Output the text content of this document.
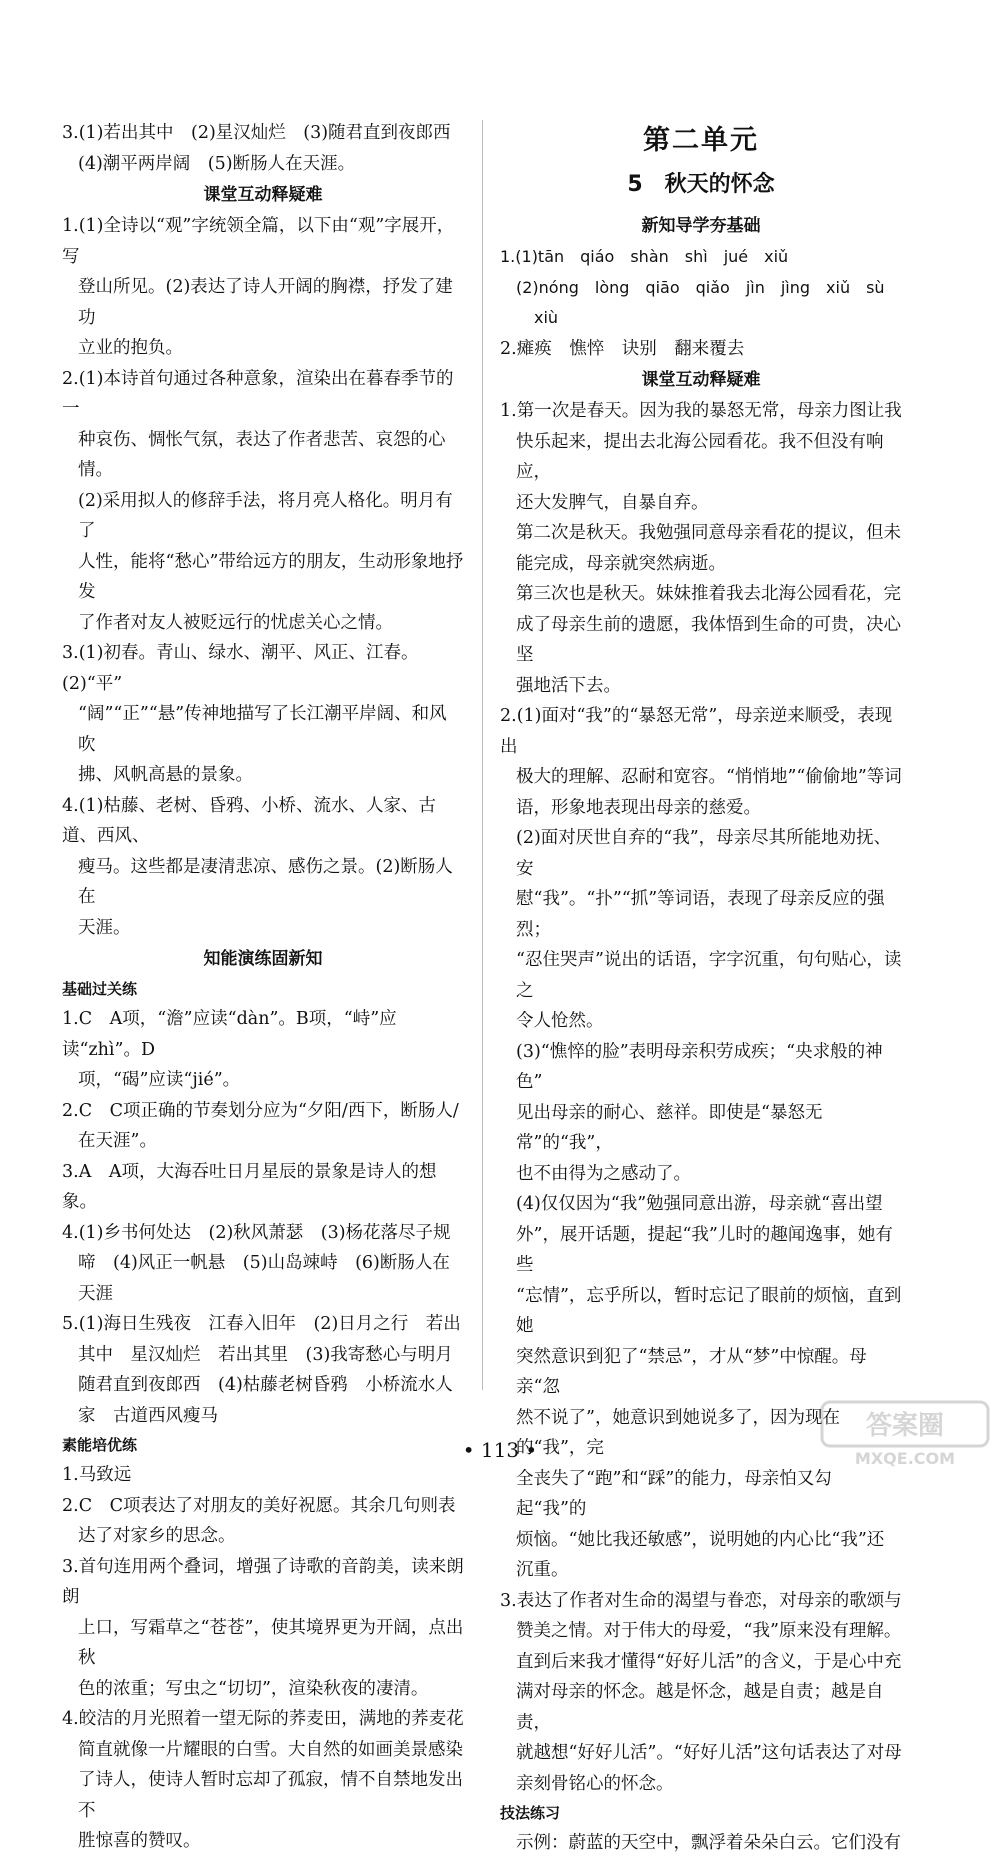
3.(1)若出其中　(2)星汉灿烂　(3)随君直到夜郎西

(4)潮平两岸阔　(5)断肠人在天涯。

课堂互动释疑难

1.(1)全诗以“观”字统领全篇，以下由“观”字展开，写

登山所见。(2)表达了诗人开阔的胸襟，抒发了建功

立业的抱负。

2.(1)本诗首句通过各种意象，渲染出在暮春季节的一

种哀伤、惆怅气氛，表达了作者悲苦、哀怨的心情。

(2)采用拟人的修辞手法，将月亮人格化。明月有了

人性，能将“愁心”带给远方的朋友，生动形象地抒发

了作者对友人被贬远行的忧虑关心之情。

3.(1)初春。青山、绿水、潮平、风正、江春。(2)“平”

“阔”“正”“悬”传神地描写了长江潮平岸阔、和风吹

拂、风帆高悬的景象。

4.(1)枯藤、老树、昏鸦、小桥、流水、人家、古道、西风、

瘦马。这些都是凄清悲凉、感伤之景。(2)断肠人在

天涯。

知能演练固新知

基础过关练

1.C　A项，“澹”应读“dàn”。B项，“峙”应读“zhì”。D

项，“碣”应读“jié”。

2.C　C项正确的节奏划分应为“夕阳/西下，断肠人/

在天涯”。

3.A　A项，大海吞吐日月星辰的景象是诗人的想象。

4.(1)乡书何处达　(2)秋风萧瑟　(3)杨花落尽子规

啼　(4)风正一帆悬　(5)山岛竦峙　(6)断肠人在

天涯

5.(1)海日生残夜　江春入旧年　(2)日月之行　若出

其中　星汉灿烂　若出其里　(3)我寄愁心与明月

随君直到夜郎西　(4)枯藤老树昏鸦　小桥流水人

家　古道西风瘦马

素能培优练

1.马致远

2.C　C项表达了对朋友的美好祝愿。其余几句则表

达了对家乡的思念。

3.首句连用两个叠词，增强了诗歌的音韵美，读来朗朗

上口，写霜草之“苍苍”，使其境界更为开阔，点出秋

色的浓重；写虫之“切切”，渲染秋夜的凄清。

4.皎洁的月光照着一望无际的荞麦田，满地的荞麦花

简直就像一片耀眼的白雪。大自然的如画美景感染

了诗人，使诗人暂时忘却了孤寂，情不自禁地发出不

胜惊喜的赞叹。

第二单元

5　秋天的怀念

新知导学夯基础

1.(1)tān　qiáo　shàn　shì　jué　xiǔ

(2)nóng　lòng　qiāo　qiǎo　jìn　jìng　xiǔ　sù

xiù

2.瘫痪　憔悴　诀别　翻来覆去

课堂互动释疑难

1.第一次是春天。因为我的暴怒无常，母亲力图让我

快乐起来，提出去北海公园看花。我不但没有响应，

还大发脾气，自暴自弃。

第二次是秋天。我勉强同意母亲看花的提议，但未

能完成，母亲就突然病逝。

第三次也是秋天。妹妹推着我去北海公园看花，完

成了母亲生前的遗愿，我体悟到生命的可贵，决心坚

强地活下去。

2.(1)面对“我”的“暴怒无常”，母亲逆来顺受，表现出

极大的理解、忍耐和宽容。“悄悄地”“偷偷地”等词

语，形象地表现出母亲的慈爱。

(2)面对厌世自弃的“我”，母亲尽其所能地劝抚、安

慰“我”。“扑”“抓”等词语，表现了母亲反应的强烈；

“忍住哭声”说出的话语，字字沉重，句句贴心，读之

令人怆然。

(3)“憔悴的脸”表明母亲积劳成疾；“央求般的神色”

见出母亲的耐心、慈祥。即使是“暴怒无常”的“我”，

也不由得为之感动了。

(4)仅仅因为“我”勉强同意出游，母亲就“喜出望

外”，展开话题，提起“我”儿时的趣闻逸事，她有些

“忘情”，忘乎所以，暂时忘记了眼前的烦恼，直到她

突然意识到犯了“禁忌”，才从“梦”中惊醒。母亲“忽

然不说了”，她意识到她说多了，因为现在的“我”，完

全丧失了“跑”和“踩”的能力，母亲怕又勾起“我”的

烦恼。“她比我还敏感”，说明她的内心比“我”还

沉重。

3.表达了作者对生命的渴望与眷恋，对母亲的歌颂与

赞美之情。对于伟大的母爱，“我”原来没有理解。

直到后来我才懂得“好好儿活”的含义，于是心中充

满对母亲的怀念。越是怀念，越是自责；越是自责，

就越想“好好儿活”。“好好儿活”这句话表达了对母

亲刻骨铭心的怀念。

技法练习

示例：蔚蓝的天空中，飘浮着朵朵白云。它们没有

• 113 •
答案圈
MXQE.COM
